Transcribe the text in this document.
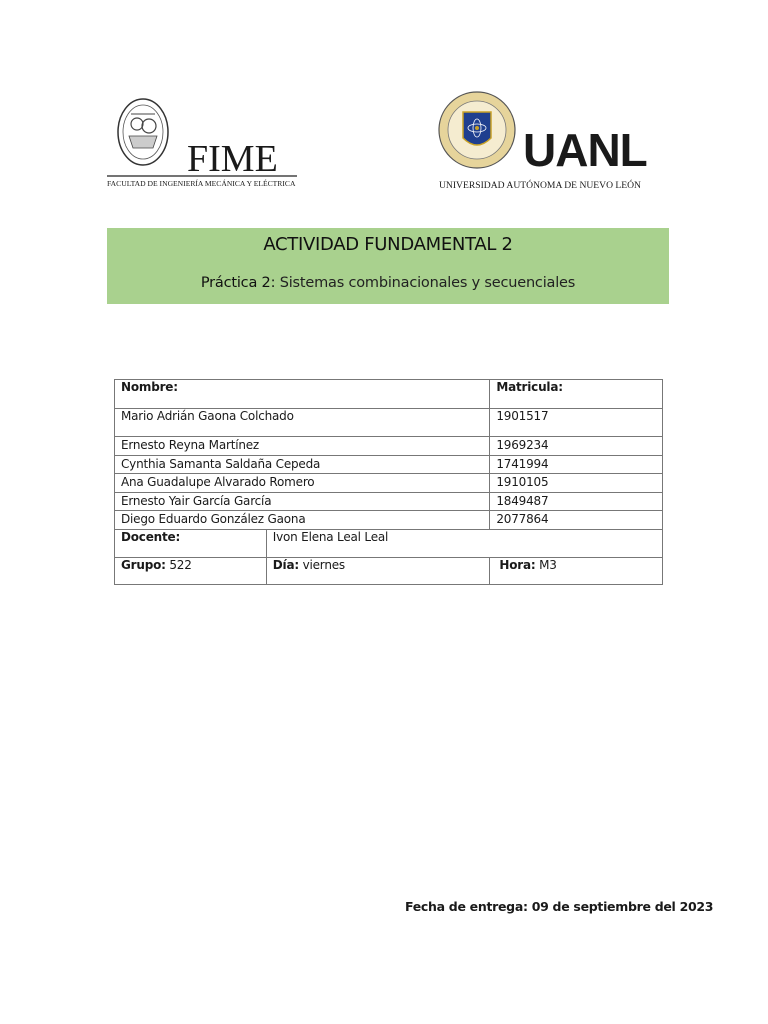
FIME
FACULTAD DE INGENIERÍA MECÁNICA Y ELÉCTRICA
UANL
UNIVERSIDAD AUTÓNOMA DE NUEVO LEÓN
ACTIVIDAD FUNDAMENTAL 2
Práctica 2: Sistemas combinacionales y secuenciales
Nombre:		Matricula:
Mario Adrián Gaona Colchado		1901517
Ernesto Reyna Martínez		1969234
Cynthia Samanta Saldaña Cepeda		1741994
Ana Guadalupe Alvarado Romero		1910105
Ernesto Yair García García		1849487
Diego Eduardo González Gaona		2077864
Docente:	Ivon Elena Leal Leal	
Grupo: 522	Día: viernes	Hora: M3
Fecha de entrega: 09 de septiembre del 2023
